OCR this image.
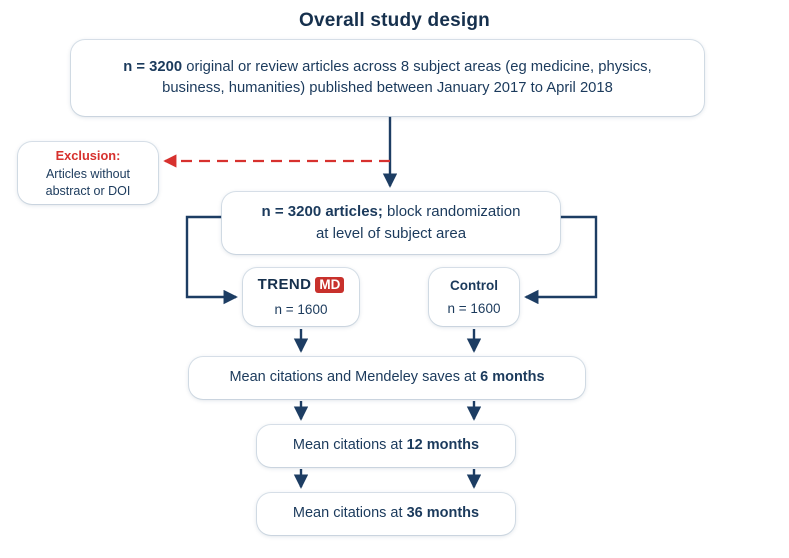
Overall study design
n = 3200 original or review articles across 8 subject areas (eg medicine, physics,
business, humanities) published between January 2017 to April 2018
Exclusion:
Articles without
abstract or DOI
n = 3200 articles; block randomization
at level of subject area
TREND MD
n = 1600
Control
n = 1600
Mean citations and Mendeley saves at 6 months
Mean citations at 12 months
Mean citations at 36 months
